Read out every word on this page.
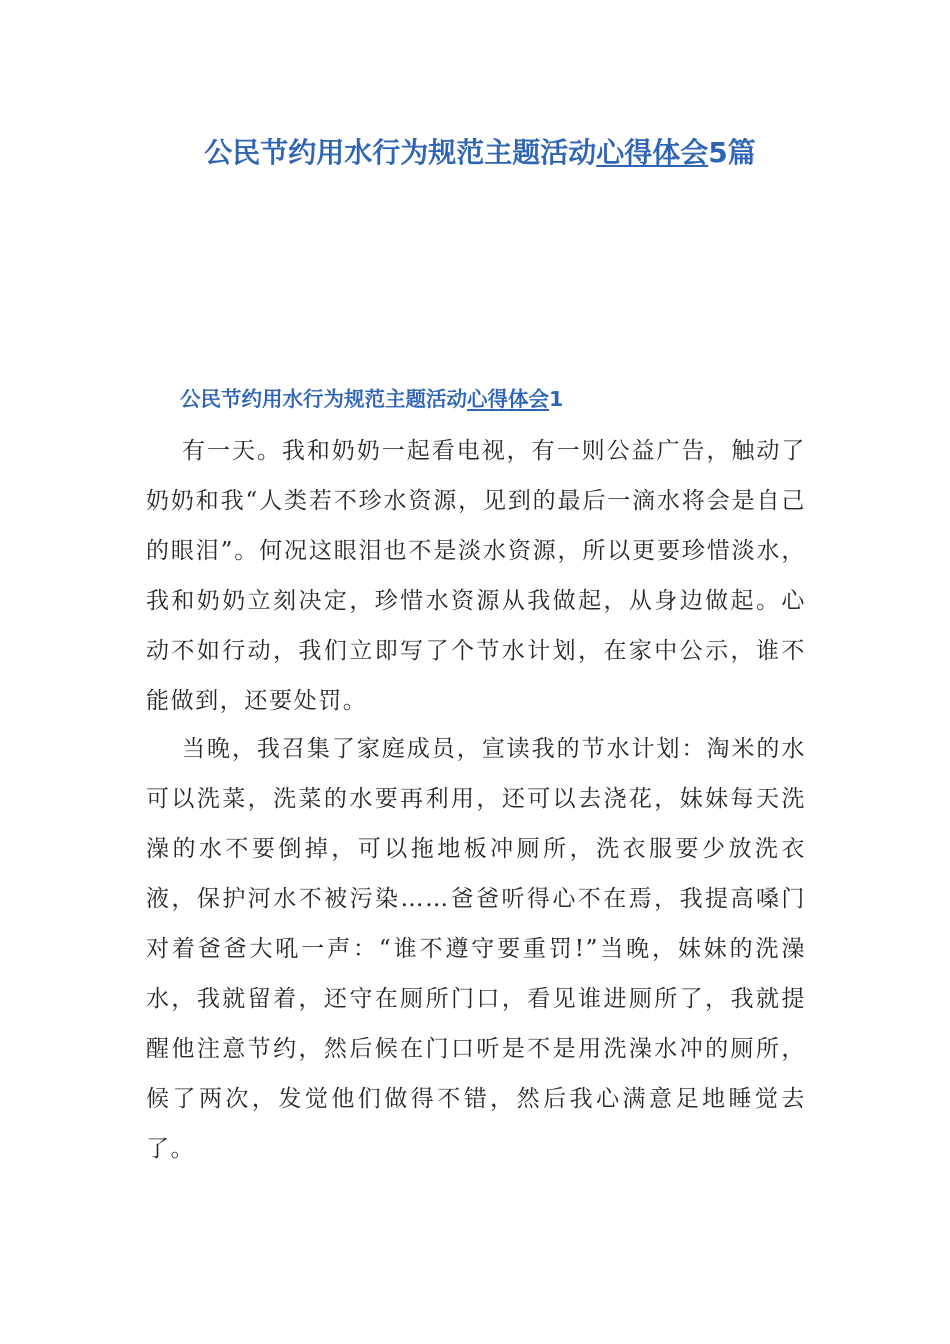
公民节约用水行为规范主题活动心得体会5篇
公民节约用水行为规范主题活动心得体会1

有一天。我和奶奶一起看电视，有一则公益广告，触动了奶奶和我“人类若不珍水资源，见到的最后一滴水将会是自己的眼泪”。何况这眼泪也不是淡水资源，所以更要珍惜淡水，我和奶奶立刻决定，珍惜水资源从我做起，从身边做起。心动不如行动，我们立即写了个节水计划，在家中公示，谁不能做到，还要处罚。

当晚，我召集了家庭成员，宣读我的节水计划：淘米的水可以洗菜，洗菜的水要再利用，还可以去浇花，妹妹每天洗澡的水不要倒掉，可以拖地板冲厕所，洗衣服要少放洗衣液，保护河水不被污染……爸爸听得心不在焉，我提高嗓门对着爸爸大吼一声：“谁不遵守要重罚!”当晚，妹妹的洗澡水，我就留着，还守在厕所门口，看见谁进厕所了，我就提醒他注意节约，然后候在门口听是不是用洗澡水冲的厕所，候了两次，发觉他们做得不错，然后我心满意足地睡觉去了。
